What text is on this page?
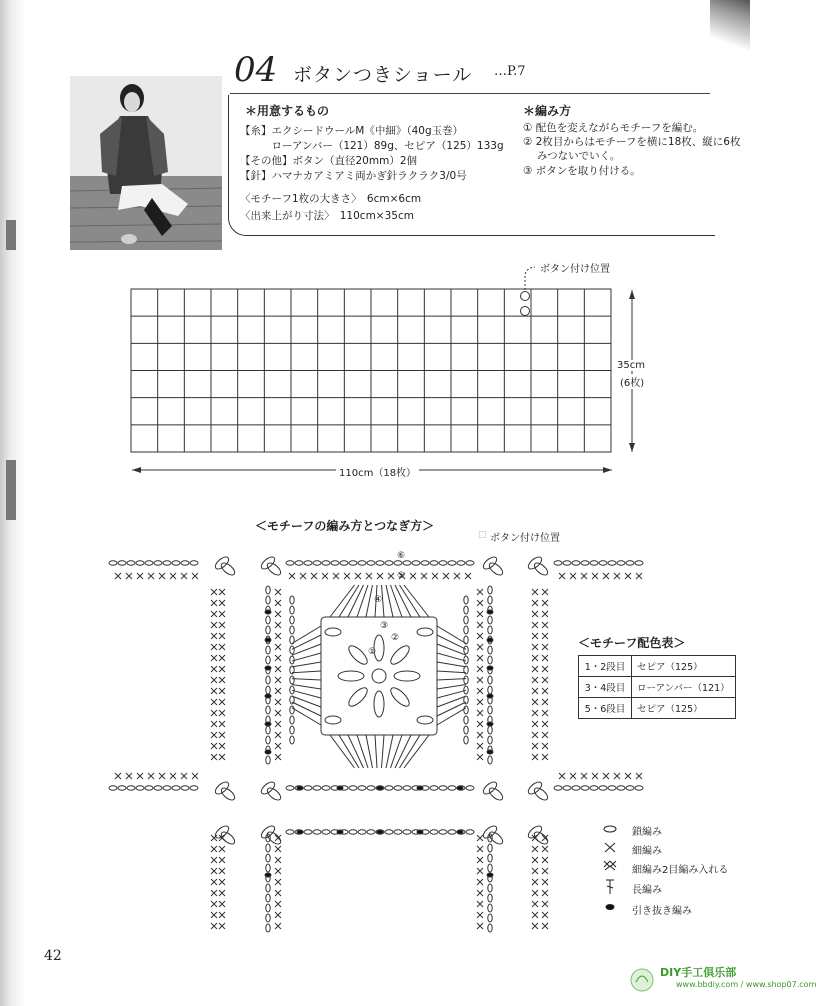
04 ボタンつきショール …P.7
＊用意するもの
【糸】エクシードウールM《中細》（40g玉巻）
　　　ローアンバー（121）89g、セピア（125）133g
【その他】ボタン（直径20mm）2個
【針】ハマナカアミアミ両かぎ針ラクラク3/0号
〈モチーフ1枚の大きさ〉　6cm×6cm
〈出来上がり寸法〉　110cm×35cm
＊編み方
① 配色を変えながらモチーフを編む。
② 2枚目からはモチーフを横に18枚、縦に6枚
　 みつないでいく。
③ ボタンを取り付ける。
ボタン付け位置
35cm
(6枚)
110cm（18枚）
＜モチーフの編み方とつなぎ方＞
□ ボタン付け位置
⑥
⑤
④
③
②
①
＜モチーフ配色表＞
1・2段目	セピア（125）
3・4段目	ローアンバー（121）
5・6段目	セピア（125）
鎖編み
細編み
細編み2目編み入れる
長編み
引き抜き編み
42
DIY手工俱乐部
www.bbdiy.com / www.shop07.com
